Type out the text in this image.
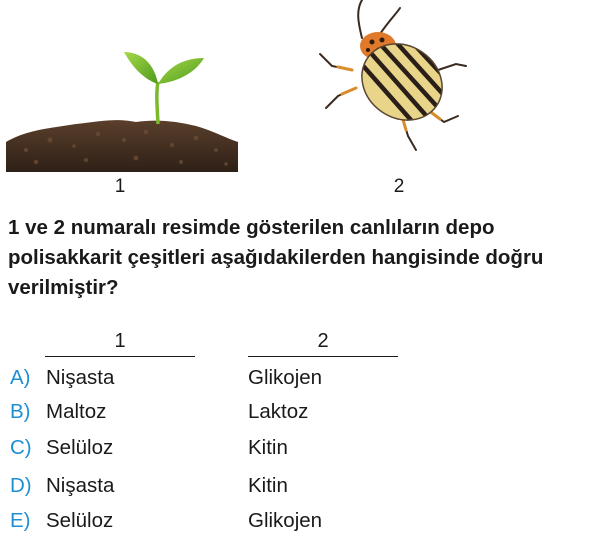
1	2
1 ve 2 numaralı resimde gösterilen canlıların depo polisakkarit çeşitleri aşağıdakilerden hangisinde doğru verilmiştir?
1	2
A) Nişasta	Glikojen
B) Maltoz	Laktoz
C) Selüloz	Kitin
D) Nişasta	Kitin
E) Selüloz	Glikojen
